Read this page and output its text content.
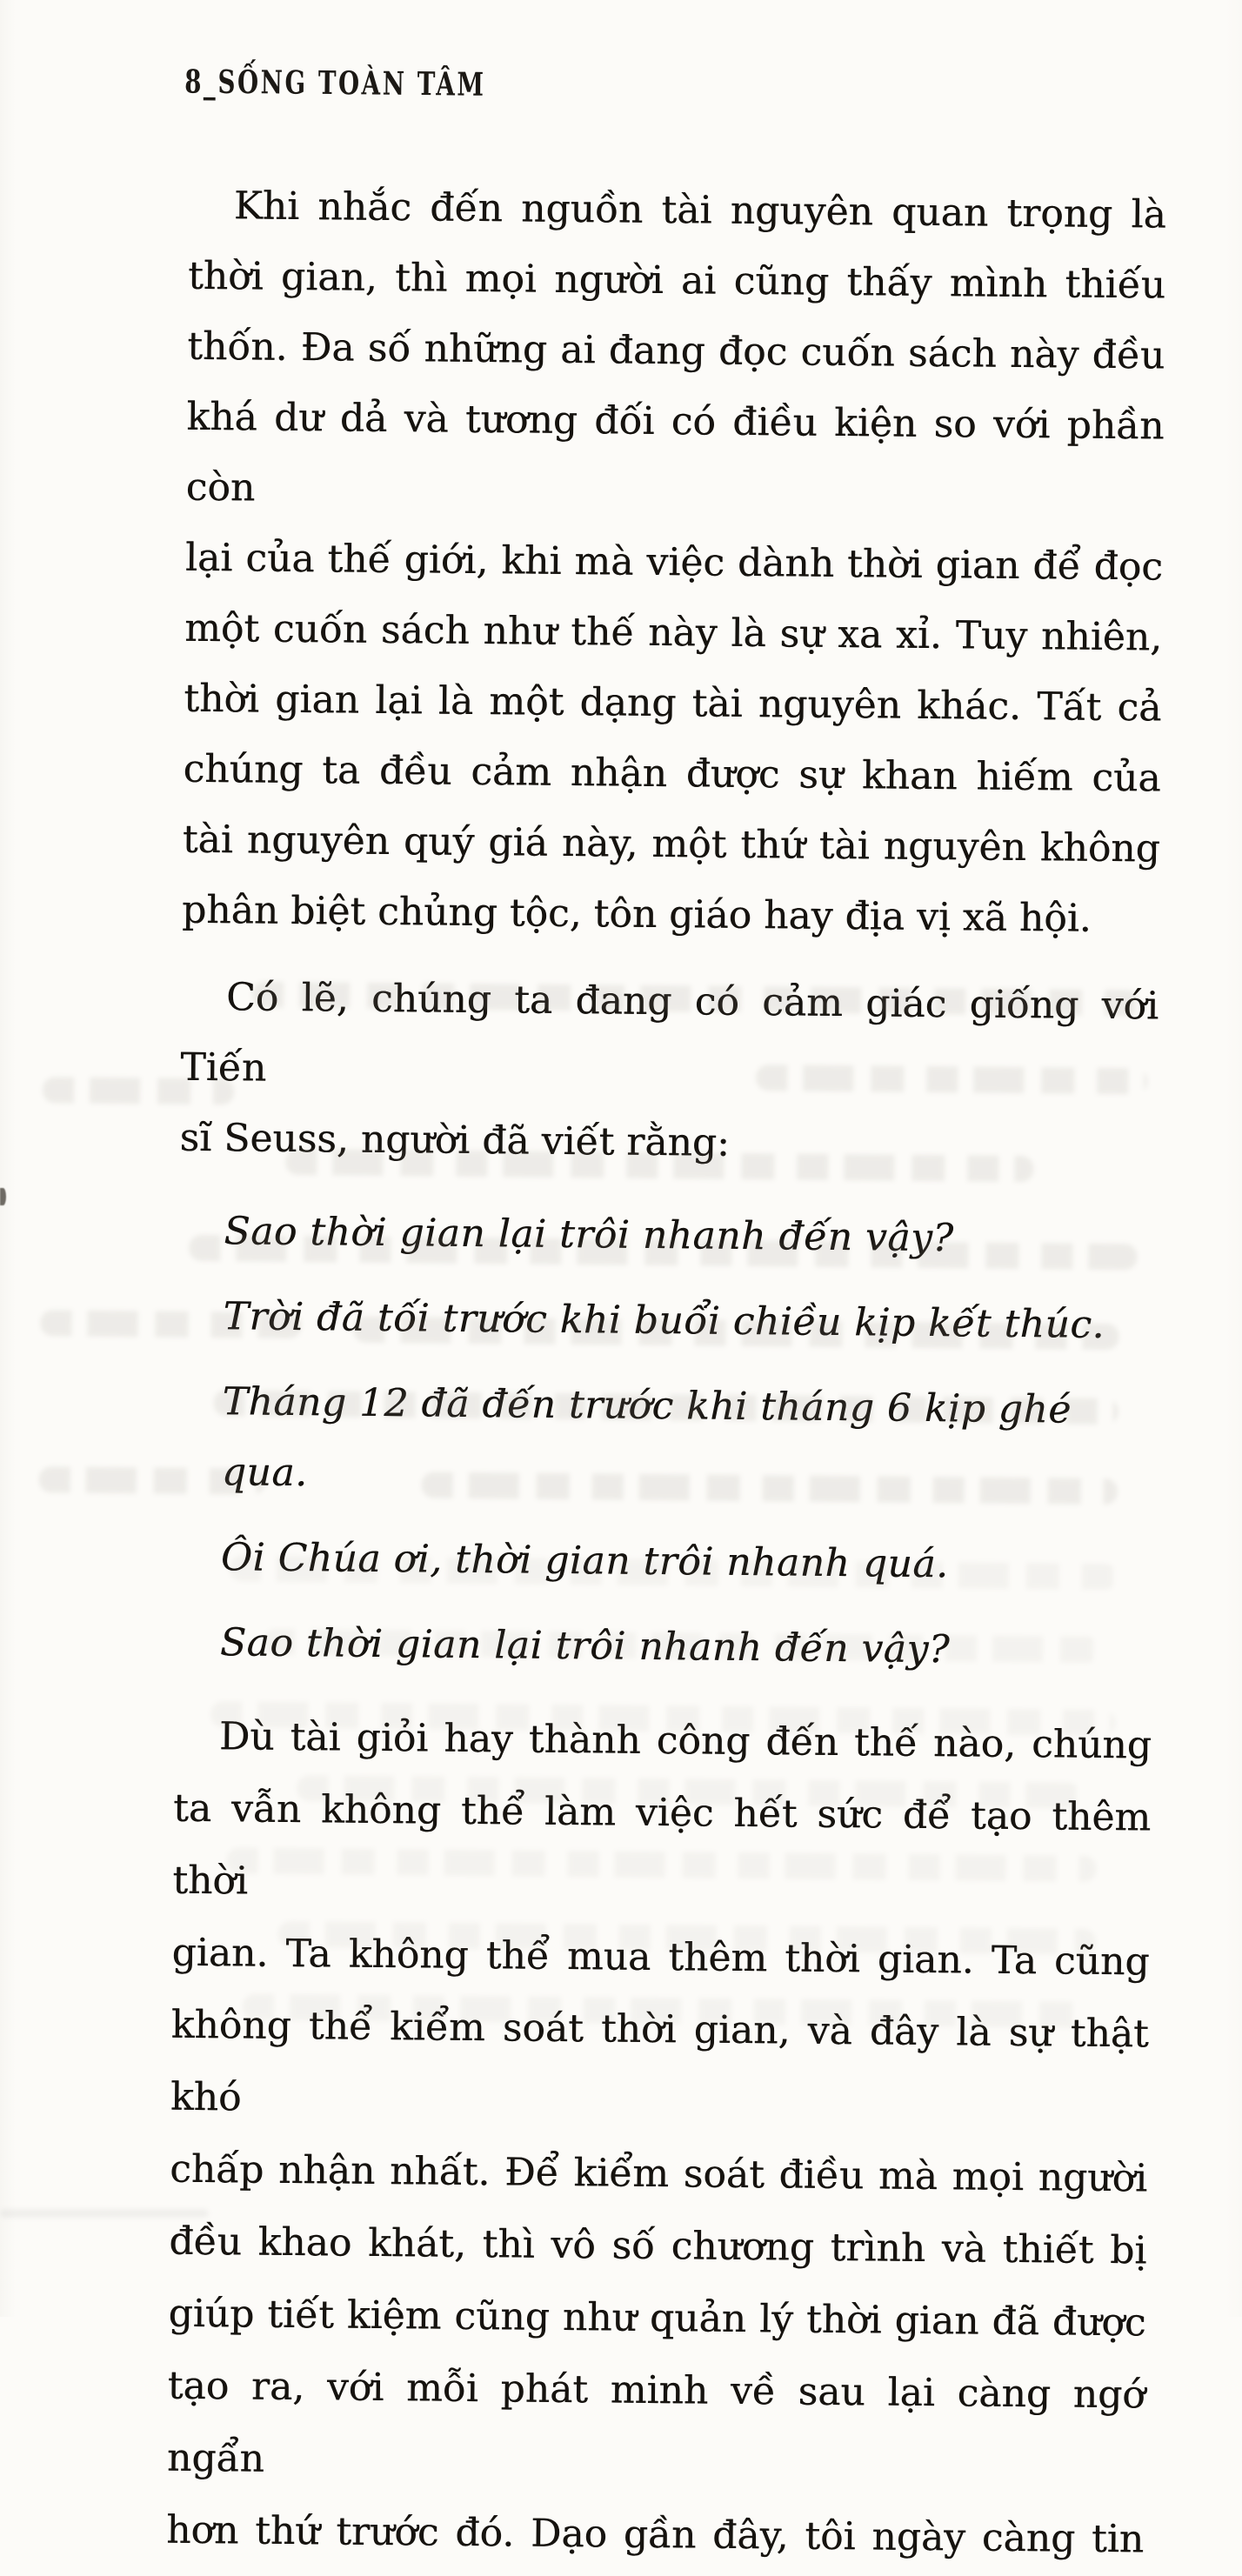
8_SỐNG TOÀN TÂM
Khi nhắc đến nguồn tài nguyên quan trọng là
thời gian, thì mọi người ai cũng thấy mình thiếu
thốn. Đa số những ai đang đọc cuốn sách này đều
khá dư dả và tương đối có điều kiện so với phần còn
lại của thế giới, khi mà việc dành thời gian để đọc
một cuốn sách như thế này là sự xa xỉ. Tuy nhiên,
thời gian lại là một dạng tài nguyên khác. Tất cả
chúng ta đều cảm nhận được sự khan hiếm của
tài nguyên quý giá này, một thứ tài nguyên không
phân biệt chủng tộc, tôn giáo hay địa vị xã hội.
Có lẽ, chúng ta đang có cảm giác giống với Tiến
sĩ Seuss, người đã viết rằng:
Sao thời gian lại trôi nhanh đến vậy?
Trời đã tối trước khi buổi chiều kịp kết thúc.
Tháng 12 đã đến trước khi tháng 6 kịp ghé qua.
Ôi Chúa ơi, thời gian trôi nhanh quá.
Sao thời gian lại trôi nhanh đến vậy?
Dù tài giỏi hay thành công đến thế nào, chúng
ta vẫn không thể làm việc hết sức để tạo thêm thời
gian. Ta không thể mua thêm thời gian. Ta cũng
không thể kiểm soát thời gian, và đây là sự thật khó
chấp nhận nhất. Để kiểm soát điều mà mọi người
đều khao khát, thì vô số chương trình và thiết bị
giúp tiết kiệm cũng như quản lý thời gian đã được
tạo ra, với mỗi phát minh về sau lại càng ngớ ngẩn
hơn thứ trước đó. Dạo gần đây, tôi ngày càng tin
